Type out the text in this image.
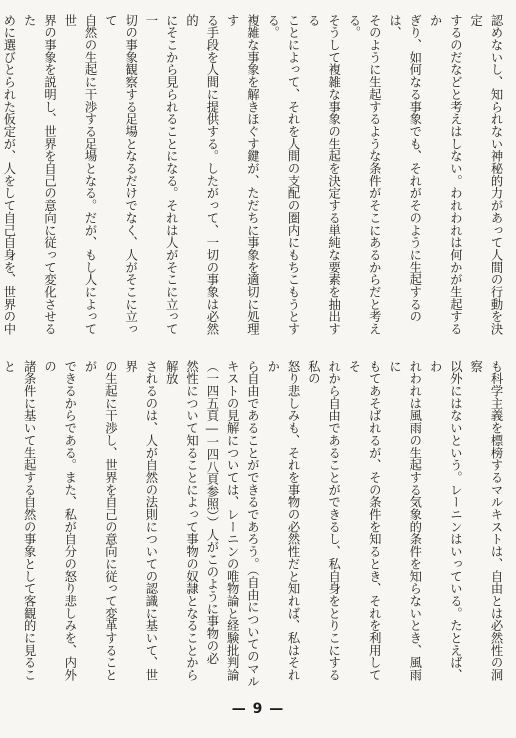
認めないし、知られない神秘的力があって人間の行動を決定
するのだなどと考えはしない。われわれは何かが生起するか
ぎり、如何なる事象でも、それがそのように生起するのは、
そのように生起するような条件がそこにあるからだと考える。
そうして複雑な事象の生起を決定する単純な要素を抽出する
ことによって、それを人間の支配の圏内にもちこもうとする。
複雑な事象を解きほぐす鍵が、ただちに事象を適切に処理す
る手段を人間に提供する。したがって、一切の事象は必然的
にそこから見られることになる。それは人がそこに立って一
切の事象観察する足場となるだけでなく、人がそこに立って
自然の生起に干渉する足場となる。だが、もし人によって世
界の事象を説明し、世界を自己の意向に従って変化させるた
めに選びとられた仮定が、人をして自己自身を、世界の中
も科学主義を標榜するマルキストは、自由とは必然性の洞察
以外にはないという。レーニンはいっている。たとえば、わ
れわれは風雨の生起する気象的条件を知らないとき、風雨に
もてあそばれるが、その条件を知るとき、それを利用してそ
れから自由であることができるし、私自身をとりこにする私の
怒り悲しみも、それを事物の必然性だと知れば、私はそれか
ら自由であることができるであろう。（自由についてのマル
キストの見解については、レーニンの唯物論と経験批判論
（一四五頁―一四八頁参照））人がこのように事物の必
然性について知ることによって事物の奴隷となることから解放
されるのは、人が自然の法則についての認識に基いて、世界
の生起に干渉し、世界を自己の意向に従って変革することが
できるからである。また、私が自分の怒り悲しみを、内外の
諸条件に基いて生起する自然の事象として客観的に見ること
— 9 —
